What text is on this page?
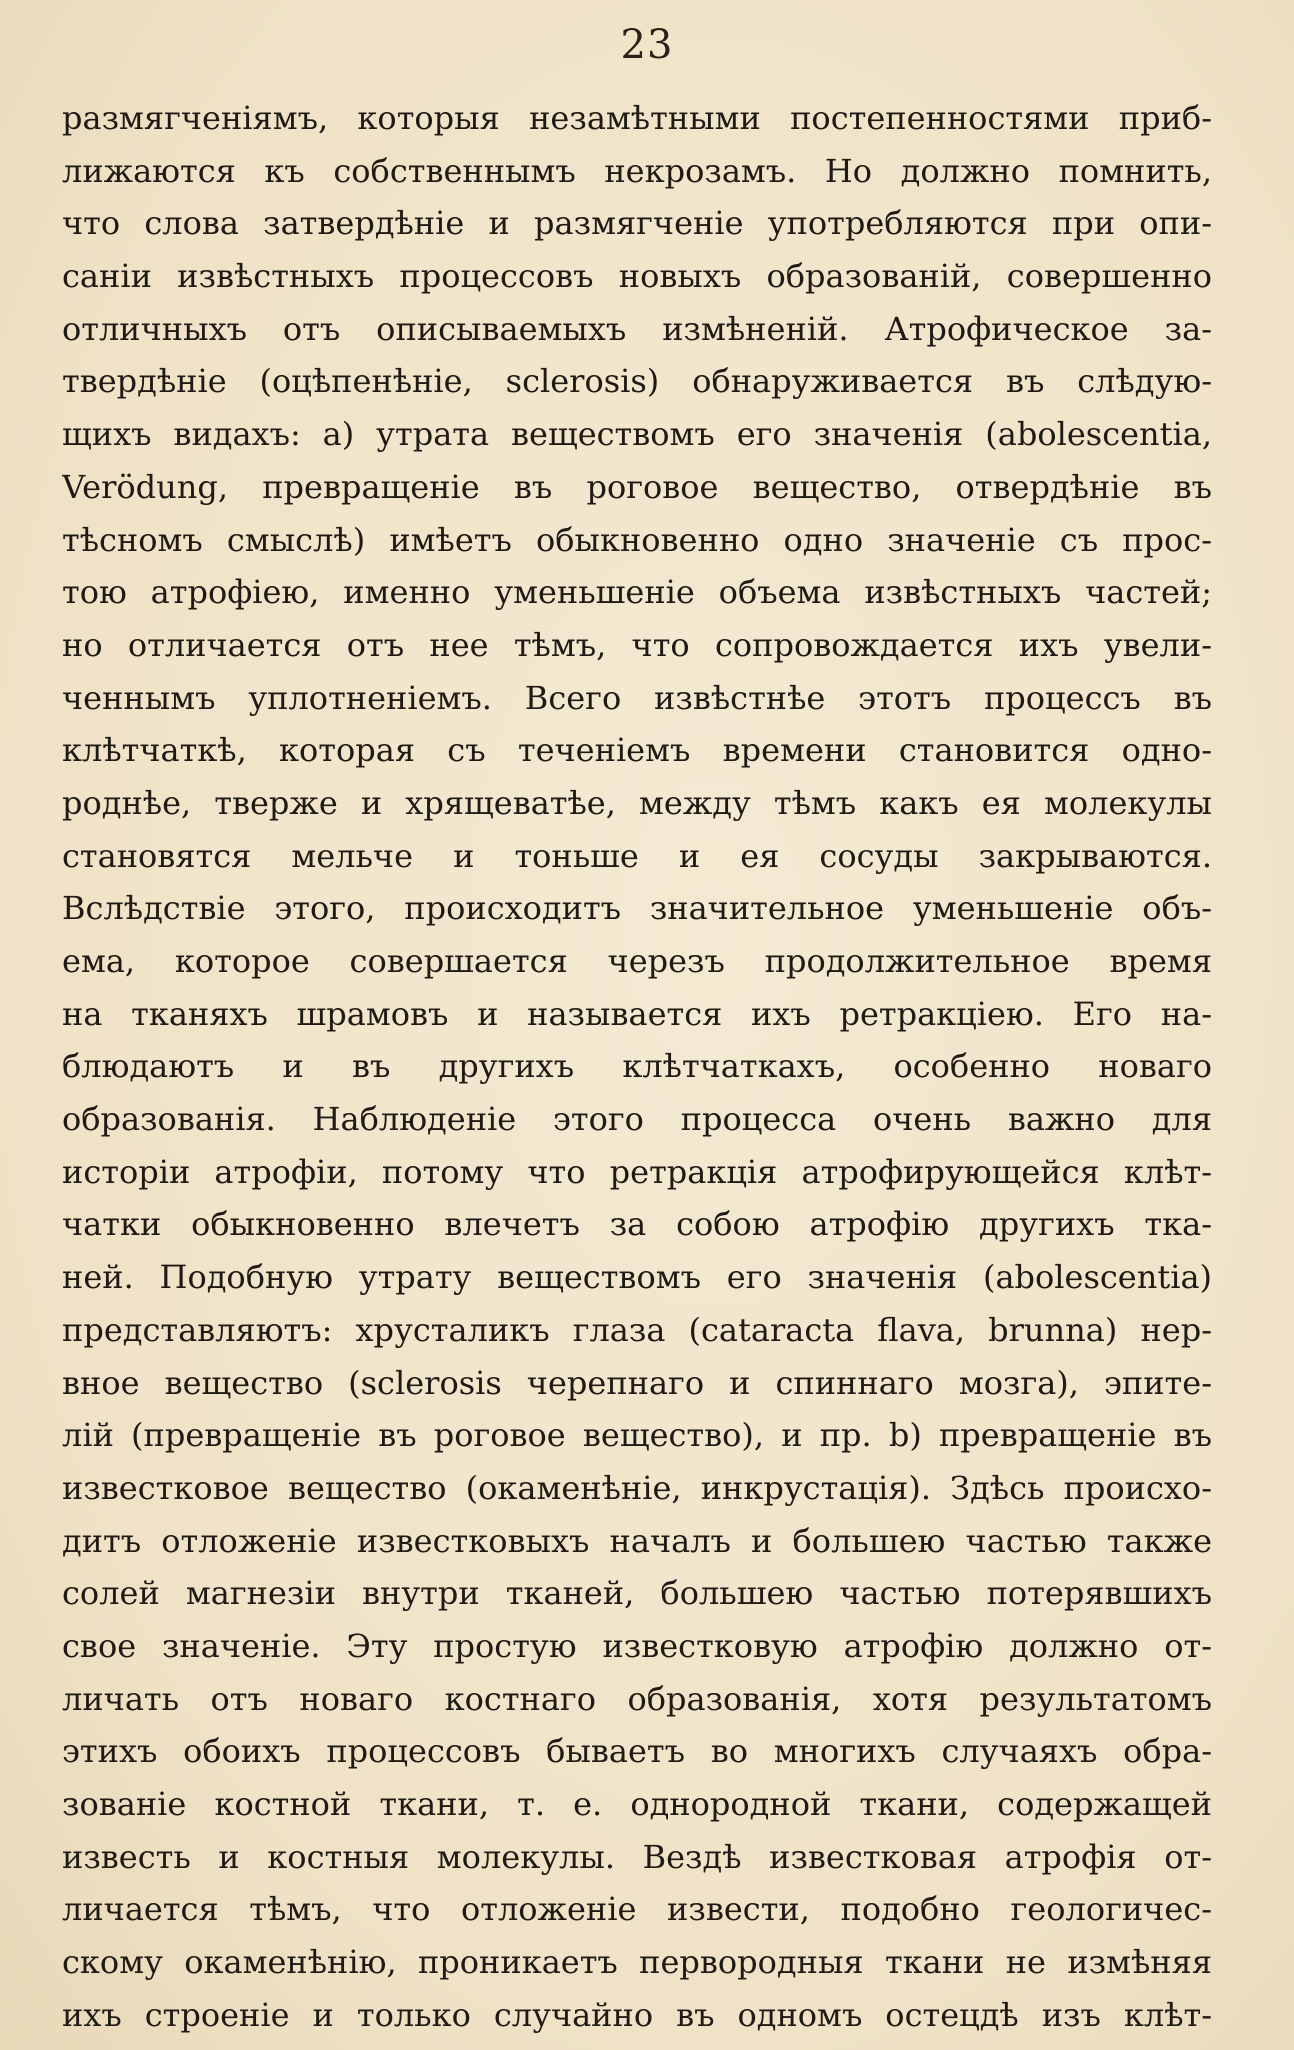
23
размягченіямъ, которыя незамѣтными постепенностями приб-
лижаются къ собственнымъ некрозамъ. Но должно помнить,
что слова затвердѣніе и размягченіе употребляются при опи-
саніи извѣстныхъ процессовъ новыхъ образованій, совершенно
отличныхъ отъ описываемыхъ измѣненій. Атрофическое за-
твердѣніе (оцѣпенѣніе, sclerosis) обнаруживается въ слѣдую-
щихъ видахъ: a) утрата веществомъ его значенія (abolescentia,
Verödung, превращеніе въ роговое вещество, отвердѣніе въ
тѣсномъ смыслѣ) имѣетъ обыкновенно одно значеніе съ прос-
тою атрофіею, именно уменьшеніе объема извѣстныхъ частей;
но отличается отъ нее тѣмъ, что сопровождается ихъ увели-
ченнымъ уплотненіемъ. Всего извѣстнѣе этотъ процессъ въ
клѣтчаткѣ, которая съ теченіемъ времени становится одно-
роднѣе, тверже и хрящеватѣе, между тѣмъ какъ ея молекулы
становятся мельче и тоньше и ея сосуды закрываются.
Вслѣдствіе этого, происходитъ значительное уменьшеніе объ-
ема, которое совершается черезъ продолжительное время
на тканяхъ шрамовъ и называется ихъ ретракціею. Его на-
блюдаютъ и въ другихъ клѣтчаткахъ, особенно новаго
образованія. Наблюденіе этого процесса очень важно для
исторіи атрофіи, потому что ретракція атрофирующейся клѣт-
чатки обыкновенно влечетъ за собою атрофію другихъ тка-
ней. Подобную утрату веществомъ его значенія (abolescentia)
представляютъ: хрусталикъ глаза (cataracta flava, brunna) нер-
вное вещество (sclerosis черепнаго и спиннаго мозга), эпите-
лій (превращеніе въ роговое вещество), и пр. b) превращеніе въ
известковое вещество (окаменѣніе, инкрустація). Здѣсь происхо-
дитъ отложеніе известковыхъ началъ и большею частью также
солей магнезіи внутри тканей, большею частью потерявшихъ
свое значеніе. Эту простую известковую атрофію должно от-
личать отъ новаго костнаго образованія, хотя результатомъ
этихъ обоихъ процессовъ бываетъ во многихъ случаяхъ обра-
зованіе костной ткани, т. е. однородной ткани, содержащей
известь и костныя молекулы. Вездѣ известковая атрофія от-
личается тѣмъ, что отложеніе извести, подобно геологичес-
скому окаменѣнію, проникаетъ первородныя ткани не измѣняя
ихъ строеніе и только случайно въ одномъ остецдѣ изъ клѣт-
